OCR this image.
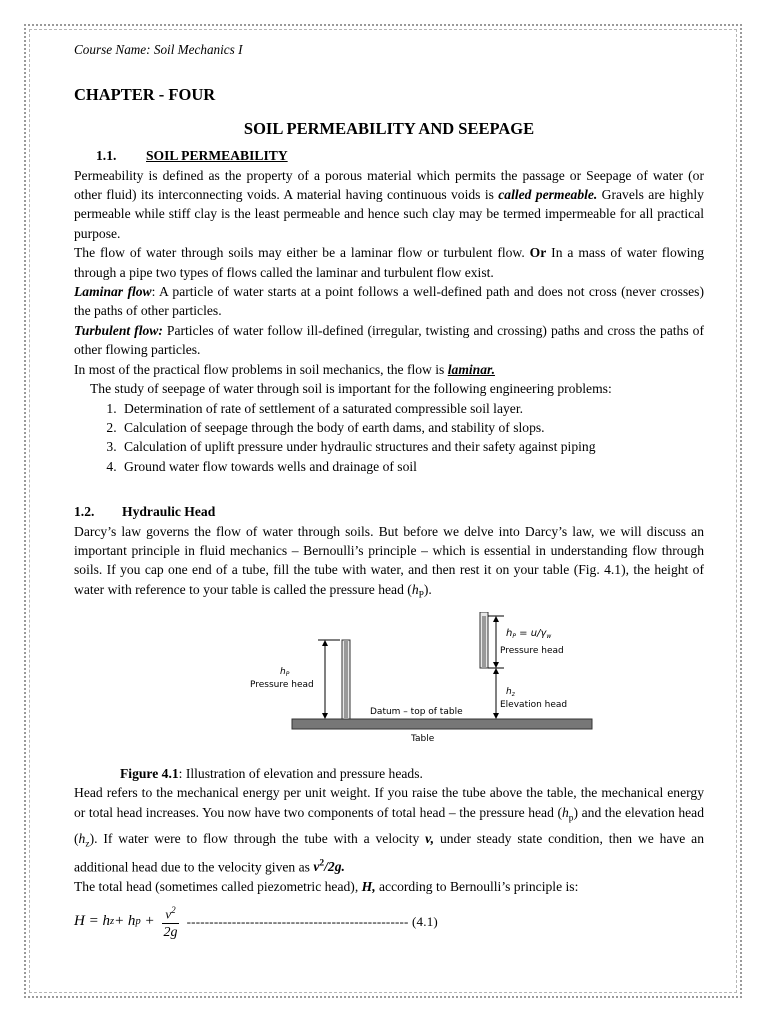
Course Name: Soil Mechanics I

CHAPTER - FOUR

SOIL PERMEABILITY AND SEEPAGE

1.1. SOIL PERMEABILITY

Permeability is defined as the property of a porous material which permits the passage or Seepage of water (or other fluid) its interconnecting voids. A material having continuous voids is called permeable. Gravels are highly permeable while stiff clay is the least permeable and hence such clay may be termed impermeable for all practical purpose.

The flow of water through soils may either be a laminar flow or turbulent flow. Or In a mass of water flowing through a pipe two types of flows called the laminar and turbulent flow exist.

Laminar flow: A particle of water starts at a point follows a well-defined path and does not cross (never crosses) the paths of other particles.

Turbulent flow: Particles of water follow ill-defined (irregular, twisting and crossing) paths and cross the paths of other flowing particles.

In most of the practical flow problems in soil mechanics, the flow is laminar.

The study of seepage of water through soil is important for the following engineering problems:

1. Determination of rate of settlement of a saturated compressible soil layer.
2. Calculation of seepage through the body of earth dams, and stability of slops.
3. Calculation of uplift pressure under hydraulic structures and their safety against piping
4. Ground water flow towards wells and drainage of soil

1.2. Hydraulic Head

Darcy’s law governs the flow of water through soils. But before we delve into Darcy’s law, we will discuss an important principle in fluid mechanics – Bernoulli’s principle – which is essential in understanding flow through soils. If you cap one end of a tube, fill the tube with water, and then rest it on your table (Fig. 4.1), the height of water with reference to your table is called the pressure head $(h_P)$.

Table
Datum – top of table
$h_P$
Pressure head
$h_P = u/\gamma_w$
Pressure head
$h_z$
Elevation head

Figure 4.1: Illustration of elevation and pressure heads.

Head refers to the mechanical energy per unit weight. If you raise the tube above the table, the mechanical energy or total head increases. You now have two components of total head – the pressure head $(h_p)$ and the elevation head $(h_z)$. If water were to flow through the tube with a velocity v, under steady state condition, then we have an additional head due to the velocity given as $v^2/2g$.

The total head (sometimes called piezometric head), H, according to Bernoulli’s principle is:

H = h z + h $p + \frac{v^2}{2g}$ ------------------------------------------------- (4.1)
